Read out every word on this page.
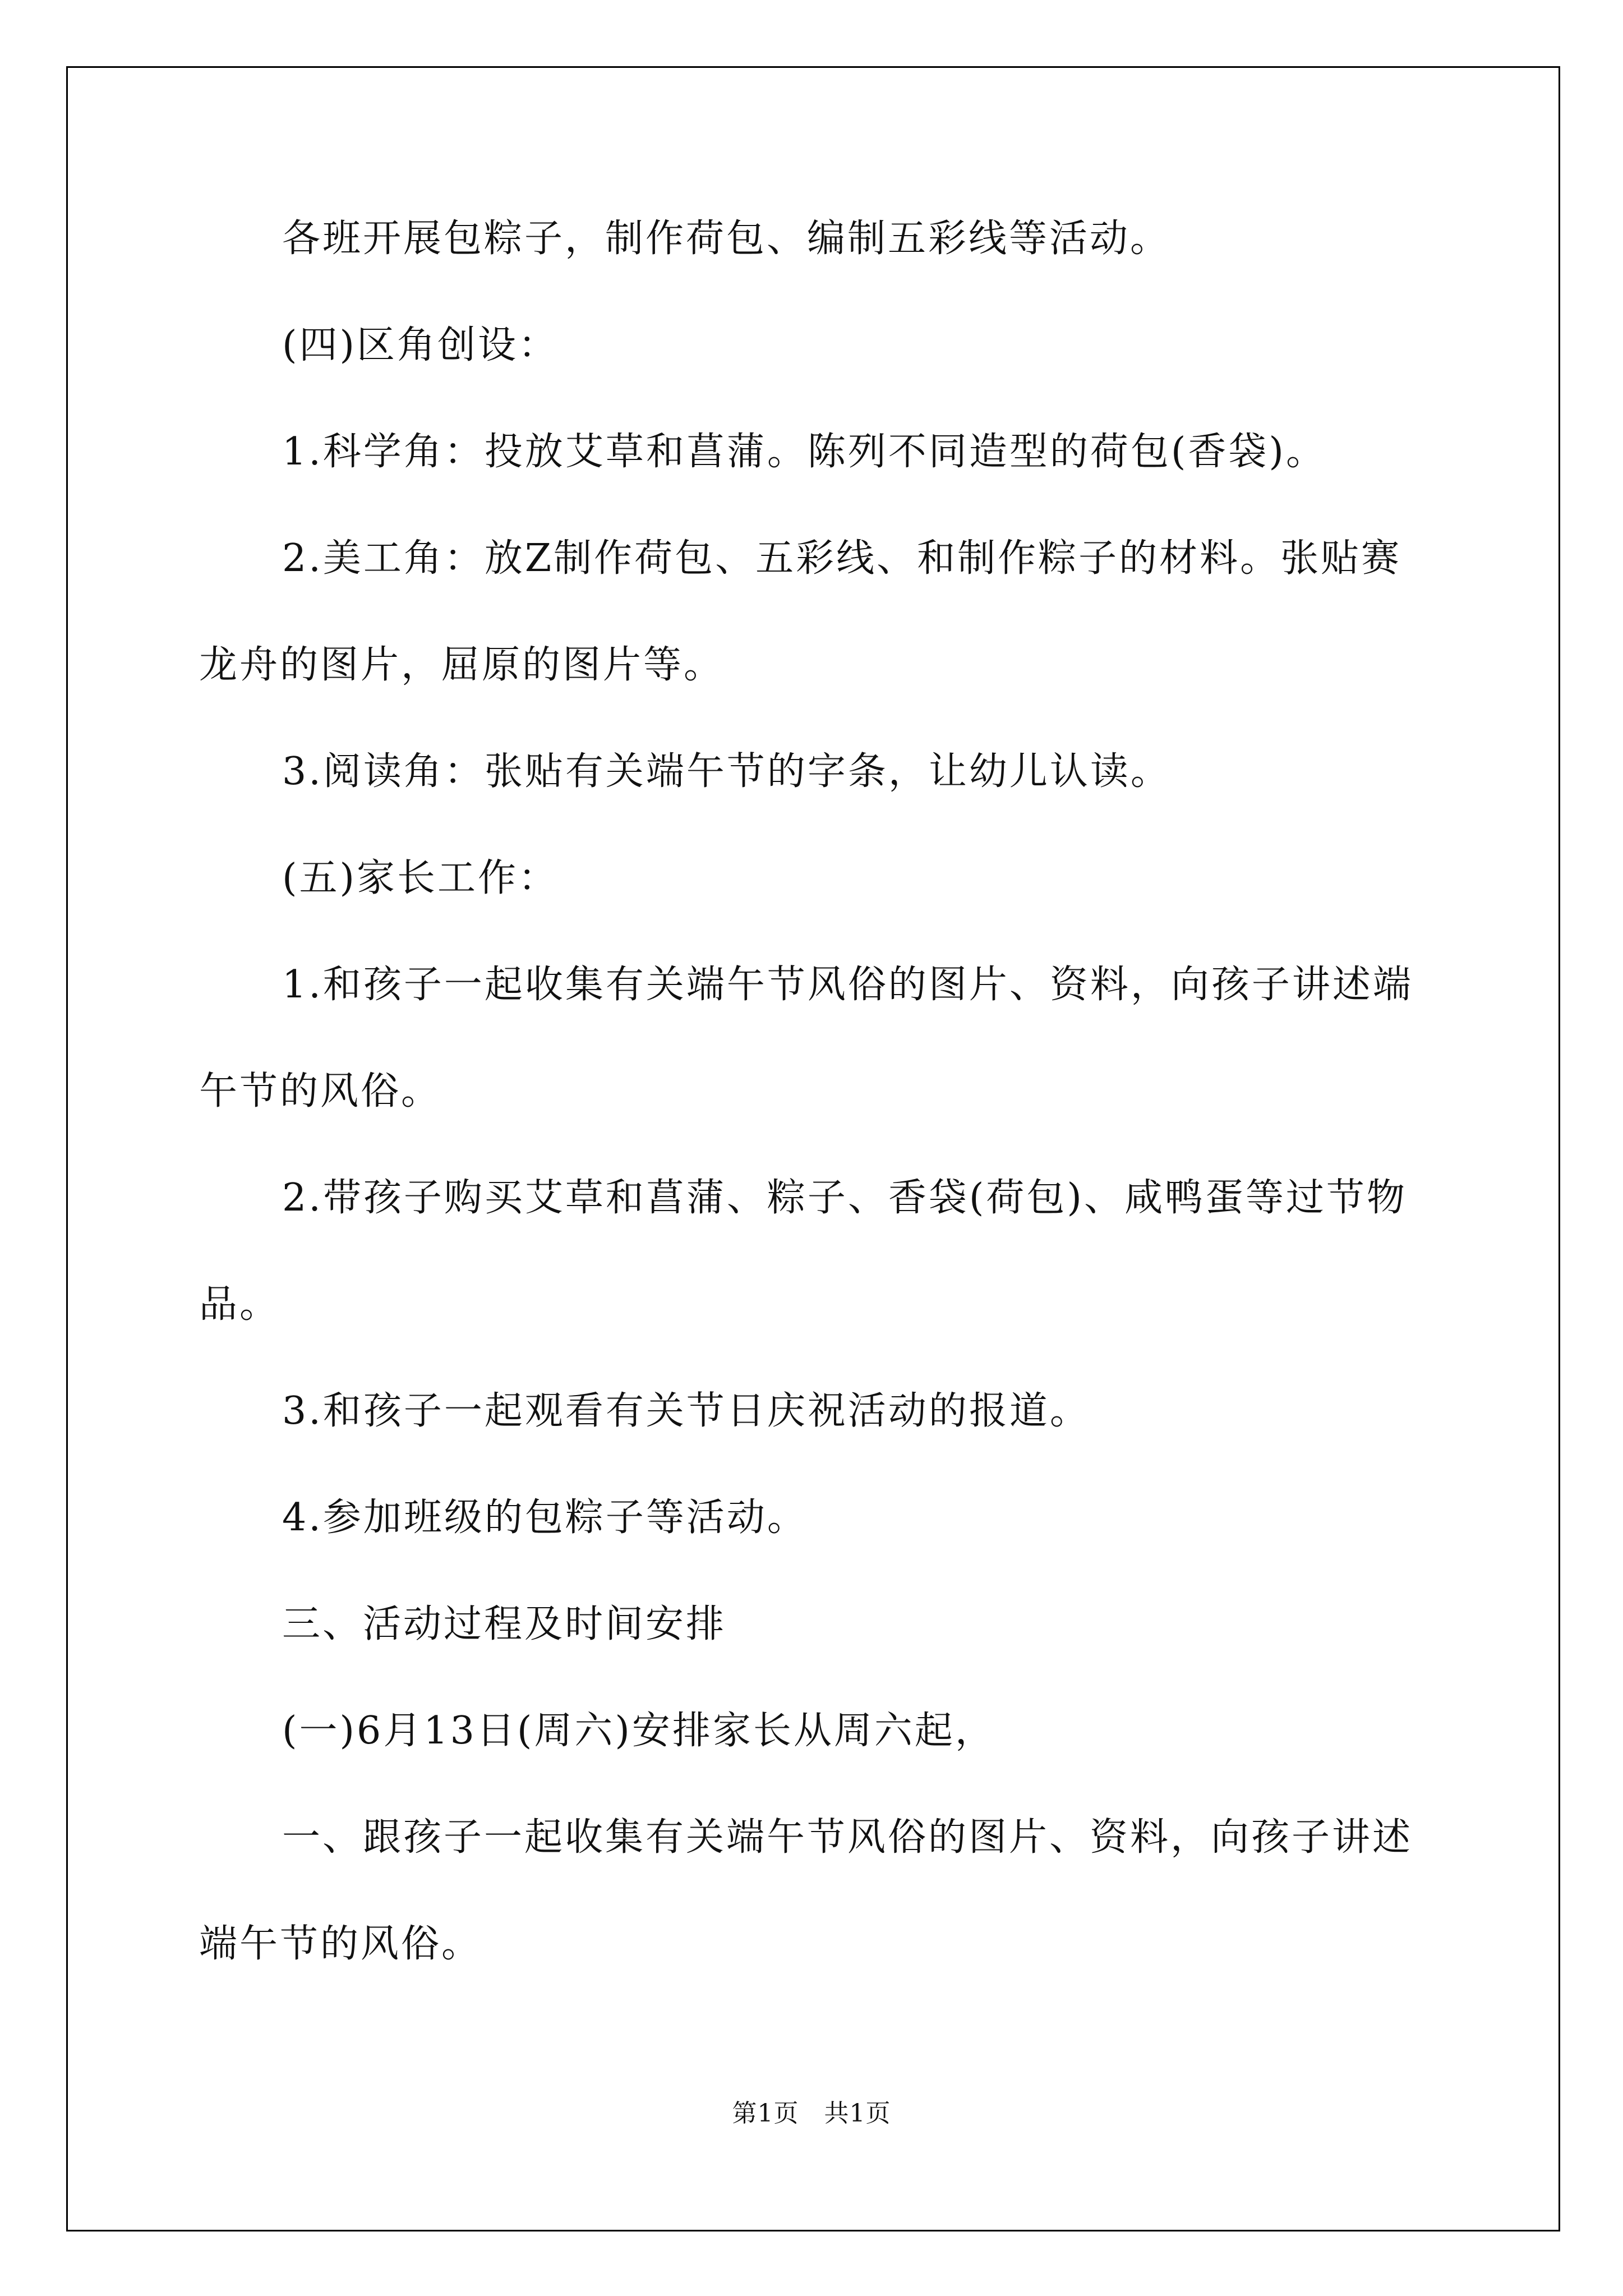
各班开展包粽子，制作荷包、编制五彩线等活动。
(四)区角创设：
1.科学角：投放艾草和菖蒲。陈列不同造型的荷包(香袋)。
2.美工角：放Z制作荷包、五彩线、和制作粽子的材料。张贴赛
龙舟的图片，屈原的图片等。
3.阅读角：张贴有关端午节的字条，让幼儿认读。
(五)家长工作：
1.和孩子一起收集有关端午节风俗的图片、资料，向孩子讲述端
午节的风俗。
2.带孩子购买艾草和菖蒲、粽子、香袋(荷包)、咸鸭蛋等过节物
品。
3.和孩子一起观看有关节日庆祝活动的报道。
4.参加班级的包粽子等活动。
三、活动过程及时间安排
(一)6月13日(周六)安排家长从周六起，
一、跟孩子一起收集有关端午节风俗的图片、资料，向孩子讲述
端午节的风俗。
第1页   共1页
